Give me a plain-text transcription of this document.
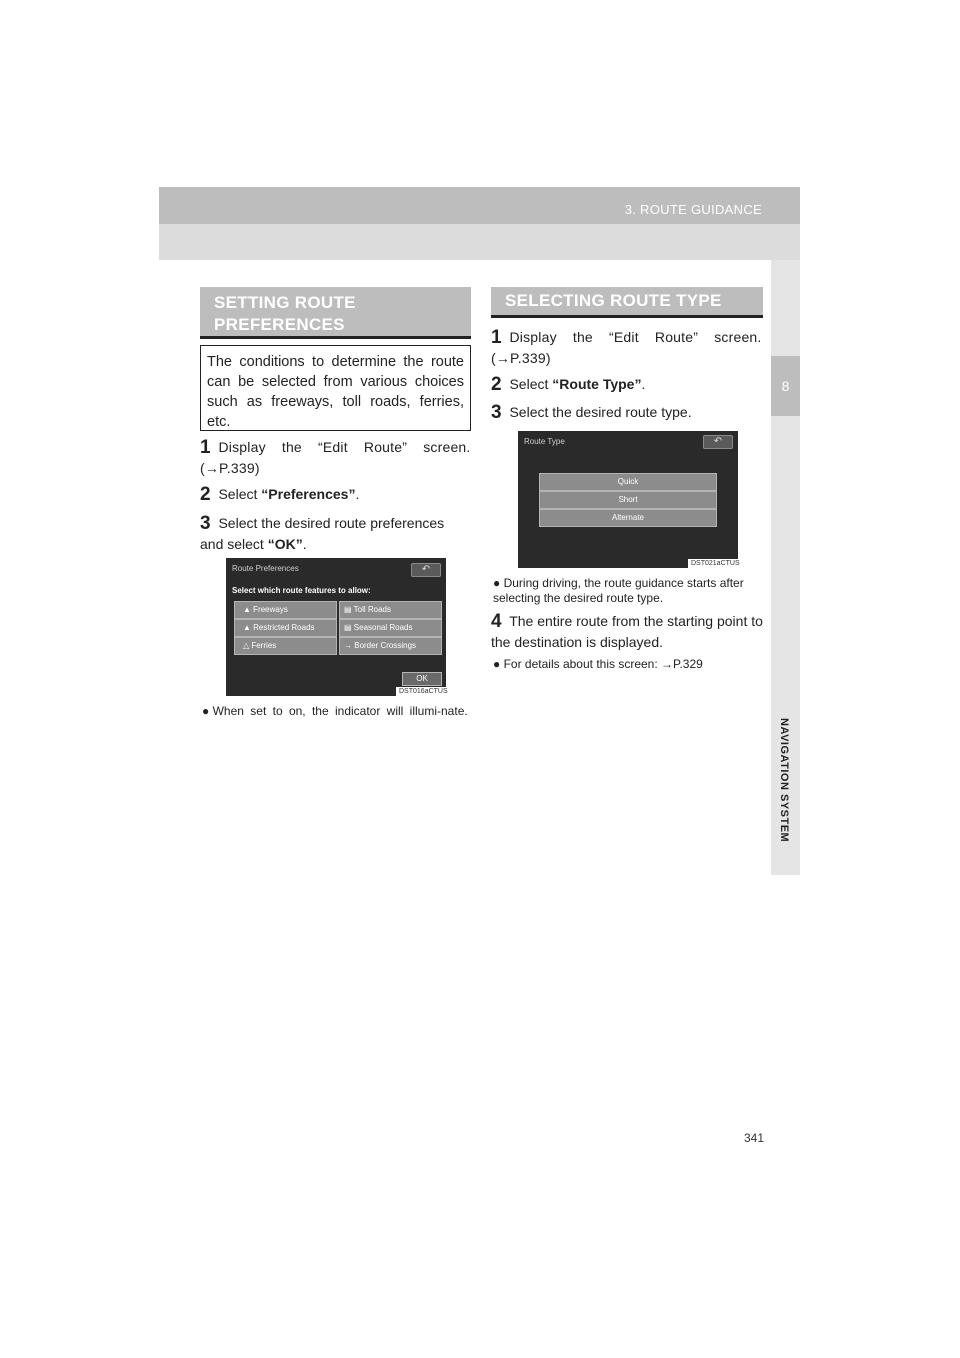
3. ROUTE GUIDANCE
8
NAVIGATION SYSTEM
SETTING ROUTE PREFERENCES
The conditions to determine the route can be selected from various choices such as freeways, toll roads, ferries, etc.
1 Display the “Edit Route” screen. (→P.339)
2 Select “Preferences”.
3 Select the desired route preferences and select “OK”.
Route Preferences	↶
Select which route features to allow:
▲ Freeways	▤ Toll Roads
▲ Restricted Roads	▤ Seasonal Roads
△ Ferries	→ Border Crossings
OK
DST016aCTUS
● When set to on, the indicator will illumi-nate.
SELECTING ROUTE TYPE
1 Display the “Edit Route” screen. (→P.339)
2 Select “Route Type”.
3 Select the desired route type.
Route Type	↶
Quick
Short
Alternate
DST021aCTUS
● During driving, the route guidance starts after selecting the desired route type.
4 The entire route from the starting point to the destination is displayed.
● For details about this screen: →P.329
341
